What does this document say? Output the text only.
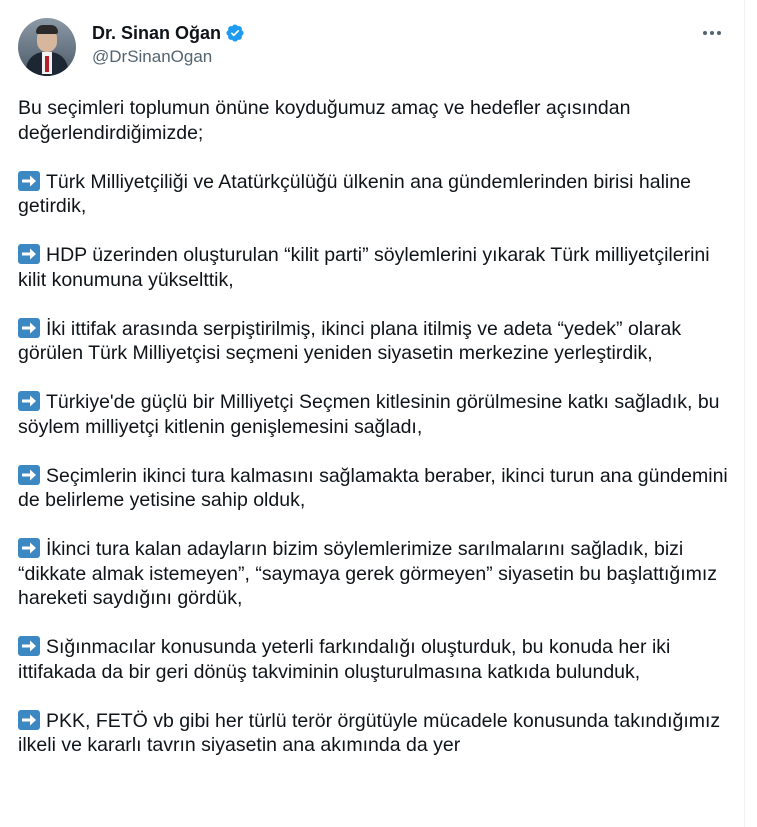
Dr. Sinan Oğan
@DrSinanOgan

Bu seçimleri toplumun önüne koyduğumuz amaç ve hedefler açısından değerlendirdiğimizde;

Türk Milliyetçiliği ve Atatürkçülüğü ülkenin ana gündemlerinden birisi haline getirdik,

HDP üzerinden oluşturulan “kilit parti” söylemlerini yıkarak Türk milliyetçilerini kilit konumuna yükselttik,

İki ittifak arasında serpiştirilmiş, ikinci plana itilmiş ve adeta “yedek” olarak görülen Türk Milliyetçisi seçmeni yeniden siyasetin merkezine yerleştirdik,

Türkiye'de güçlü bir Milliyetçi Seçmen kitlesinin görülmesine katkı sağladık, bu söylem milliyetçi kitlenin genişlemesini sağladı,

Seçimlerin ikinci tura kalmasını sağlamakta beraber, ikinci turun ana gündemini de belirleme yetisine sahip olduk,

İkinci tura kalan adayların bizim söylemlerimize sarılmalarını sağladık, bizi “dikkate almak istemeyen”, “saymaya gerek görmeyen” siyasetin bu başlattığımız hareketi saydığını gördük,

Sığınmacılar konusunda yeterli farkındalığı oluşturduk, bu konuda her iki ittifakada da bir geri dönüş takviminin oluşturulmasına katkıda bulunduk,

PKK, FETÖ vb gibi her türlü terör örgütüyle mücadele konusunda takındığımız ilkeli ve kararlı tavrın siyasetin ana akımında da yer
